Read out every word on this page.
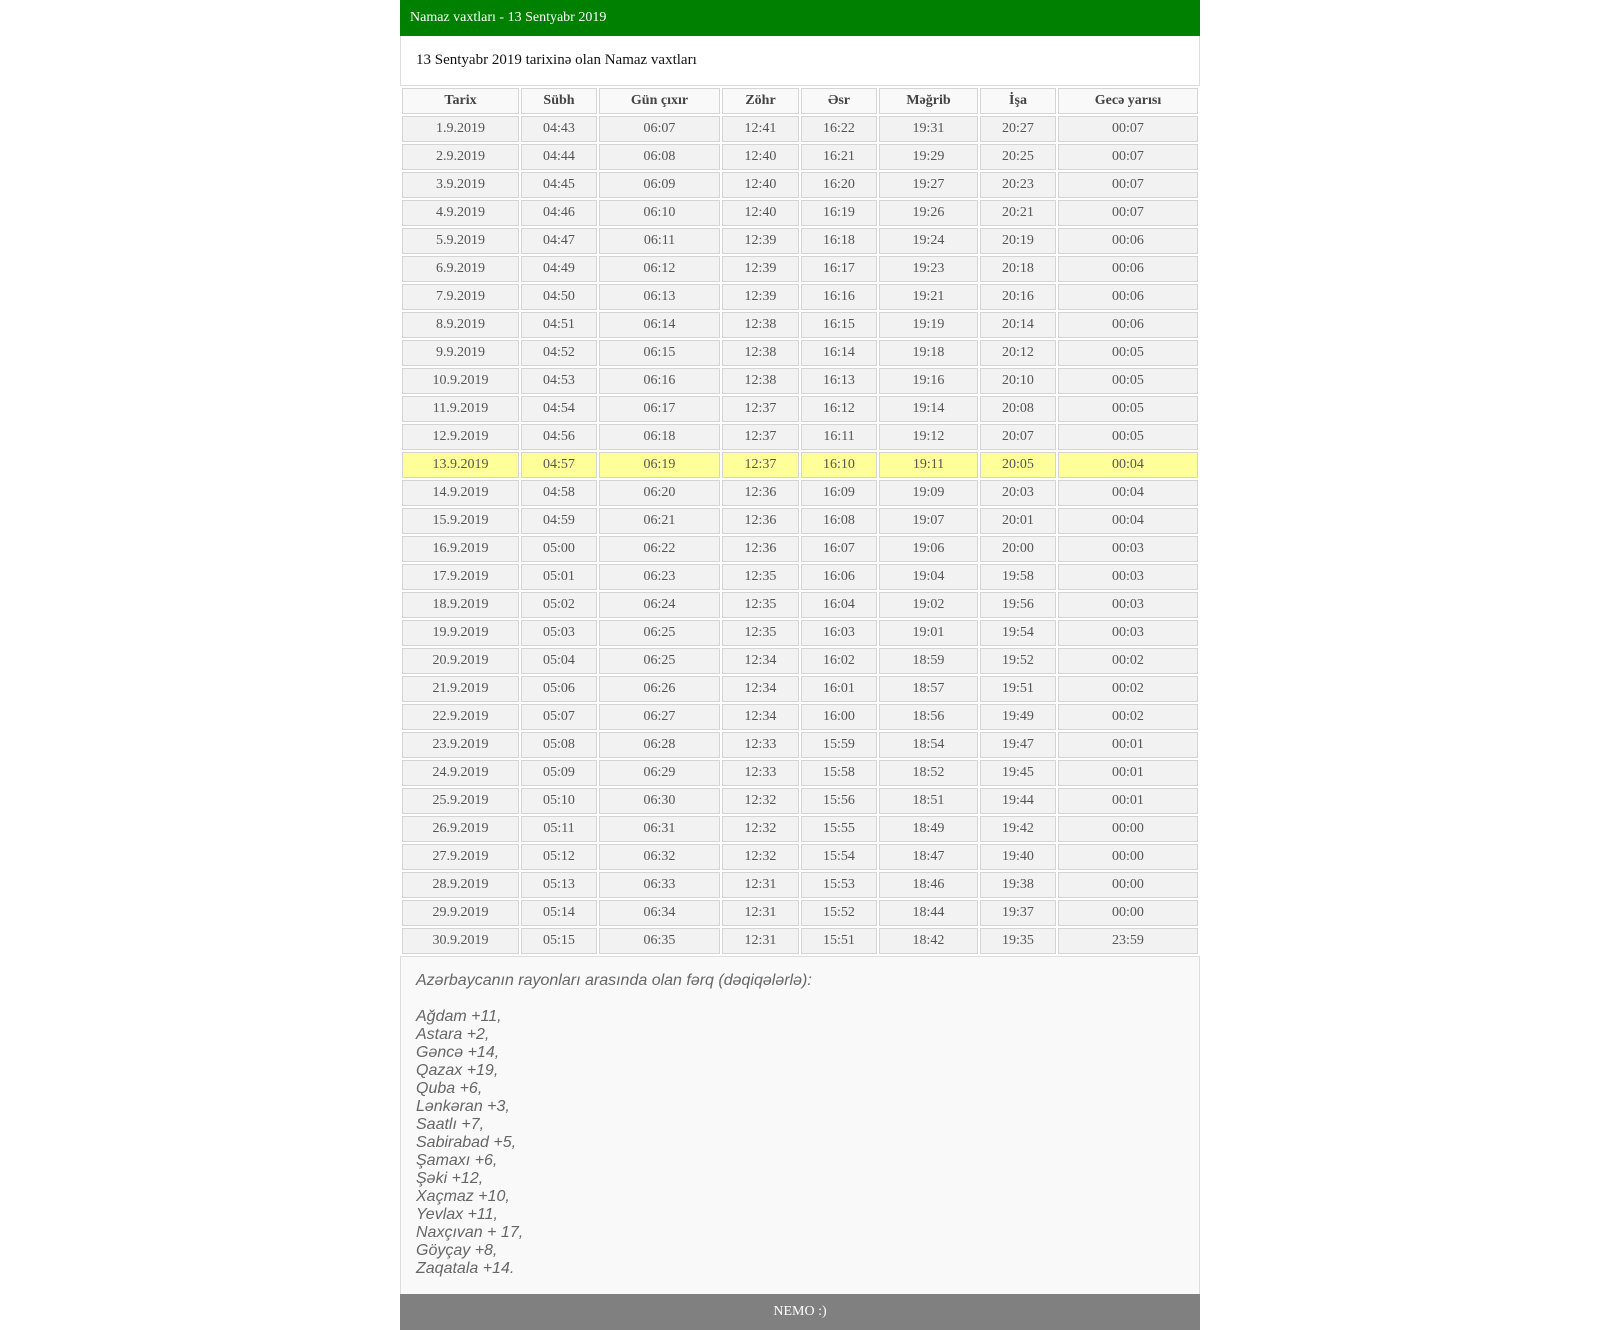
Namaz vaxtları - 13 Sentyabr 2019
13 Sentyabr 2019 tarixinə olan Namaz vaxtları
Tarix	Sübh	Gün çıxır	Zöhr	Əsr	Məğrib	İşa	Gecə yarısı
1.9.2019	04:43	06:07	12:41	16:22	19:31	20:27	00:07
2.9.2019	04:44	06:08	12:40	16:21	19:29	20:25	00:07
3.9.2019	04:45	06:09	12:40	16:20	19:27	20:23	00:07
4.9.2019	04:46	06:10	12:40	16:19	19:26	20:21	00:07
5.9.2019	04:47	06:11	12:39	16:18	19:24	20:19	00:06
6.9.2019	04:49	06:12	12:39	16:17	19:23	20:18	00:06
7.9.2019	04:50	06:13	12:39	16:16	19:21	20:16	00:06
8.9.2019	04:51	06:14	12:38	16:15	19:19	20:14	00:06
9.9.2019	04:52	06:15	12:38	16:14	19:18	20:12	00:05
10.9.2019	04:53	06:16	12:38	16:13	19:16	20:10	00:05
11.9.2019	04:54	06:17	12:37	16:12	19:14	20:08	00:05
12.9.2019	04:56	06:18	12:37	16:11	19:12	20:07	00:05
13.9.2019	04:57	06:19	12:37	16:10	19:11	20:05	00:04
14.9.2019	04:58	06:20	12:36	16:09	19:09	20:03	00:04
15.9.2019	04:59	06:21	12:36	16:08	19:07	20:01	00:04
16.9.2019	05:00	06:22	12:36	16:07	19:06	20:00	00:03
17.9.2019	05:01	06:23	12:35	16:06	19:04	19:58	00:03
18.9.2019	05:02	06:24	12:35	16:04	19:02	19:56	00:03
19.9.2019	05:03	06:25	12:35	16:03	19:01	19:54	00:03
20.9.2019	05:04	06:25	12:34	16:02	18:59	19:52	00:02
21.9.2019	05:06	06:26	12:34	16:01	18:57	19:51	00:02
22.9.2019	05:07	06:27	12:34	16:00	18:56	19:49	00:02
23.9.2019	05:08	06:28	12:33	15:59	18:54	19:47	00:01
24.9.2019	05:09	06:29	12:33	15:58	18:52	19:45	00:01
25.9.2019	05:10	06:30	12:32	15:56	18:51	19:44	00:01
26.9.2019	05:11	06:31	12:32	15:55	18:49	19:42	00:00
27.9.2019	05:12	06:32	12:32	15:54	18:47	19:40	00:00
28.9.2019	05:13	06:33	12:31	15:53	18:46	19:38	00:00
29.9.2019	05:14	06:34	12:31	15:52	18:44	19:37	00:00
30.9.2019	05:15	06:35	12:31	15:51	18:42	19:35	23:59
Azərbaycanın rayonları arasında olan fərq (dəqiqələrlə):
Ağdam +11,
Astara +2,
Gəncə +14,
Qazax +19,
Quba +6,
Lənkəran +3,
Saatlı +7,
Sabirabad +5,
Şamaxı +6,
Şəki +12,
Xaçmaz +10,
Yevlax +11,
Naxçıvan + 17,
Göyçay +8,
Zaqatala +14.
NEMO :)
